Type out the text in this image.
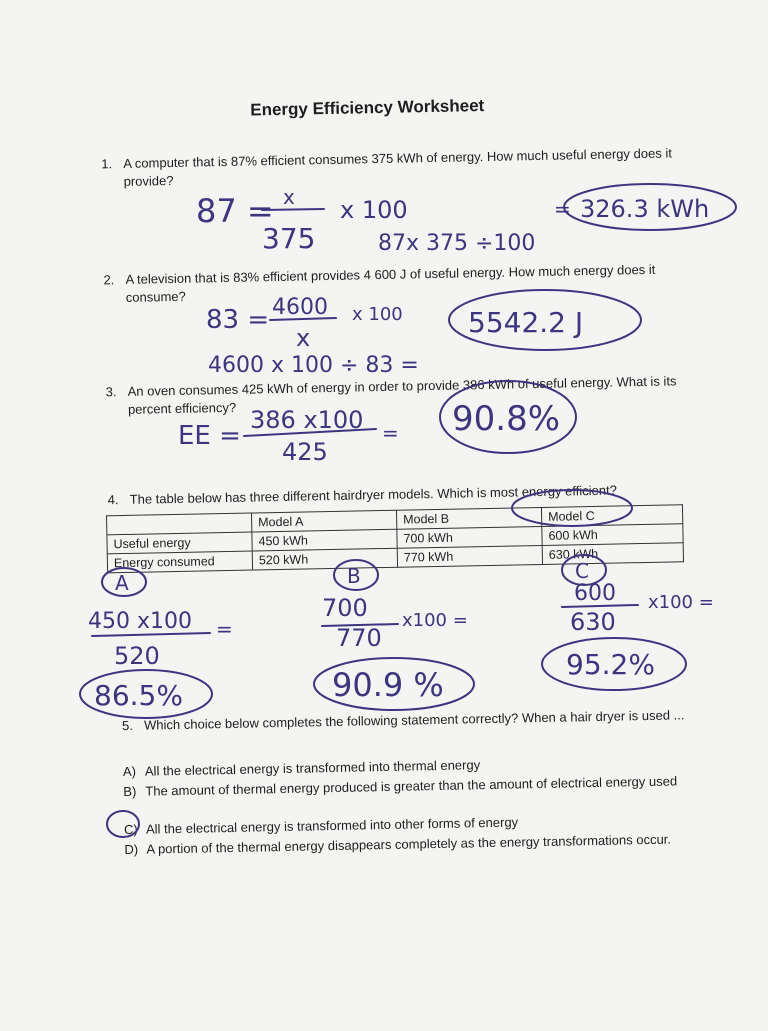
Energy Efficiency Worksheet
1. A computer that is 87% efficient consumes 375 kWh of energy. How much useful energy does it provide?
2. A television that is 83% efficient provides 4 600 J of useful energy. How much energy does it consume?
3. An oven consumes 425 kWh of energy in order to provide 386 kWh of useful energy. What is its percent efficiency?
4. The table below has three different hairdryer models. Which is most energy efficient?
	Model A	Model B	Model C
Useful energy	450 kWh	700 kWh	600 kWh
Energy consumed	520 kWh	770 kWh	630 kWh
5. Which choice below completes the following statement correctly? When a hair dryer is used ...
A) All the electrical energy is transformed into thermal energy
B) The amount of thermal energy produced is greater than the amount of electrical energy used
C) All the electrical energy is transformed into other forms of energy
D) A portion of the thermal energy disappears completely as the energy transformations occur.
87 = x
375
x 100
87x 375 ÷100
= 326.3 kWh
83 = 4600
x
x 100
4600 x 100 ÷ 83 =
5542.2 J
EE =
386 x100
425
= 90.8%
A	B	C
450 x100 =
520
86.5%
700 x100 =
770
90.9 %
600 x100 =
630
95.2%
